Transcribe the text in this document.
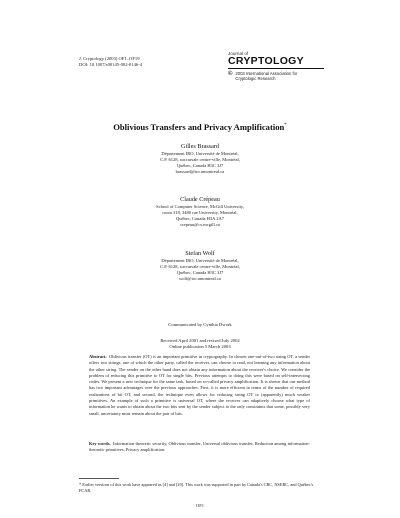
J. Cryptology (2003) OF1–OF19
DOI: 10.1007/s00145-002-0146-4
Journal of
CRYPTOLOGY
© 2003 International Association for
Cryptologic Research
Oblivious Transfers and Privacy Amplification*
Gilles Brassard
Département IRO, Université de Montréal,
C.P. 6128, succursale centre-ville, Montréal,
Québec, Canada H3C 3J7
brassard@iro.umontreal.ca
Claude Crépeau
School of Computer Science, McGill University,
room 318, 3480 rue University, Montréal,
Québec, Canada H3A 2A7
crepeau@cs.mcgill.ca
Stefan Wolf
Département IRO, Université de Montréal,
C.P. 6128, succursale centre-ville, Montréal,
Québec, Canada H3C 3J7
wolf@iro.umontreal.ca
Communicated by Cynthia Dwork
Received April 2001 and revised July 2002
Online publication 5 March 2003
Abstract. Oblivious transfer (OT) is an important primitive in cryptography. In chosen one-out-of-two string OT, a sender offers two strings, one of which the other party, called the receiver, can choose to read, not learning any information about the other string. The sender on the other hand does not obtain any information about the receiver's choice. We consider the problem of reducing this primitive to OT for single bits. Previous attempts to doing this were based on self-intersecting codes. We present a new technique for the same task, based on so-called privacy amplification. It is shown that our method has two important advantages over the previous approaches. First, it is more efficient in terms of the number of required realizations of bit OT, and second, the technique even allows for reducing string OT to (apparently) much weaker primitives. An example of such a primitive is universal OT, where the receiver can adaptively choose what type of information he wants to obtain about the two bits sent by the sender subject to the only constraints that some, possibly very small, uncertainty must remain about the pair of bits.
Key words. Information-theoretic security, Oblivious transfer, Universal oblivious transfer, Reduction among information-theoretic primitives, Privacy amplification.
* Earlier versions of this work have appeared as [4] and [20]. This work was supported in part by Canada's CRC, NSERC, and Québec's FCAR.
OF1
